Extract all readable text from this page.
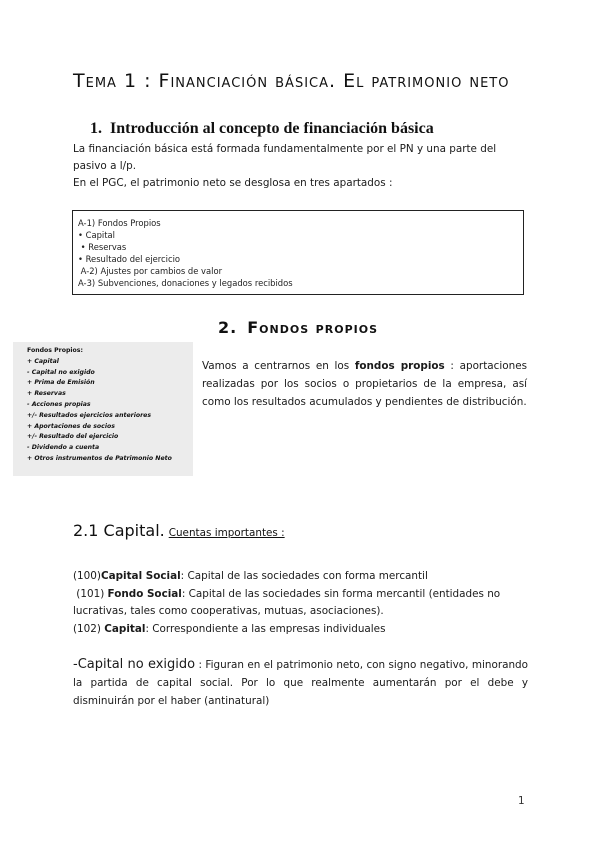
Tema 1 : Financiación básica. El patrimonio neto
1. Introducción al concepto de financiación básica
La financiación básica está formada fundamentalmente por el PN y una parte del pasivo a l/p.
En el PGC, el patrimonio neto se desglosa en tres apartados :
A-1) Fondos Propios
• Capital
• Reservas
• Resultado del ejercicio
A-2) Ajustes por cambios de valor
A-3) Subvenciones, donaciones y legados recibidos
2. Fondos propios
Fondos Propios:
+ Capital
- Capital no exigido
+ Prima de Emisión
+ Reservas
- Acciones propias
+/- Resultados ejercicios anteriores
+ Aportaciones de socios
+/- Resultado del ejercicio
- Dividendo a cuenta
+ Otros instrumentos de Patrimonio Neto
Vamos a centrarnos en los fondos propios : aportaciones realizadas por los socios o propietarios de la empresa, así como los resultados acumulados y pendientes de distribución.
2.1 Capital. Cuentas importantes :
(100)Capital Social: Capital de las sociedades con forma mercantil
(101) Fondo Social: Capital de las sociedades sin forma mercantil (entidades no lucrativas, tales como cooperativas, mutuas, asociaciones).
(102) Capital: Correspondiente a las empresas individuales
-Capital no exigido : Figuran en el patrimonio neto, con signo negativo, minorando la partida de capital social. Por lo que realmente aumentarán por el debe y disminuirán por el haber (antinatural)
1
